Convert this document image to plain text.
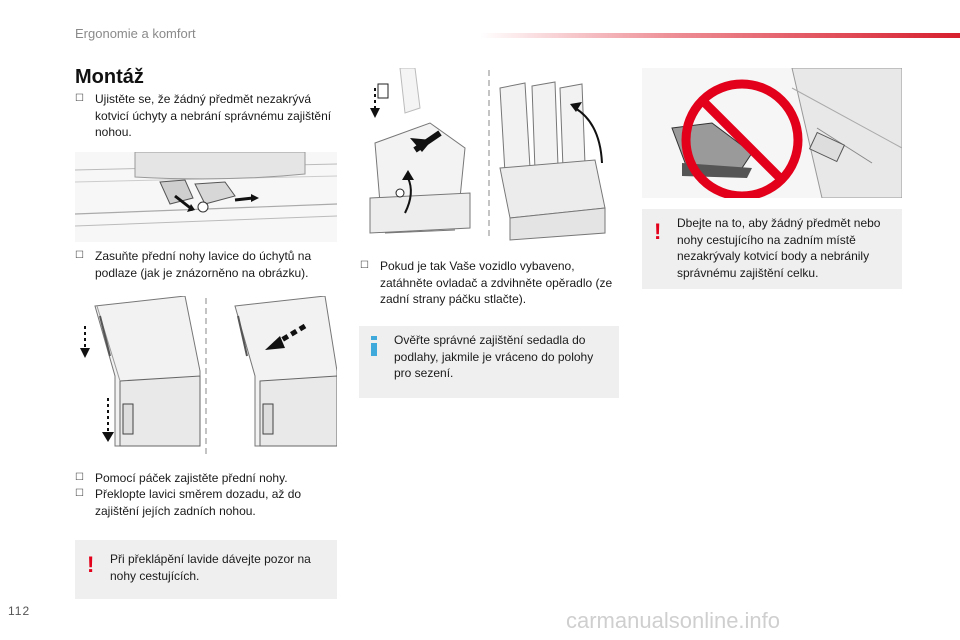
Ergonomie a komfort
Montáž
☐ Ujistěte se, že žádný předmět nezakrývá kotvicí úchyty a nebrání správnému zajištění nohou.
☐ Zasuňte přední nohy lavice do úchytů na podlaze (jak je znázorněno na obrázku).
☐ Pomocí páček zajistěte přední nohy.
☐ Překlopte lavici směrem dozadu, až do zajištění jejích zadních nohou.
! Při překlápění lavide dávejte pozor na nohy cestujících.
☐ Pokud je tak Vaše vozidlo vybaveno, zatáhněte ovladač a zdvihněte opěradlo (ze zadní strany páčku stlačte).
Ověřte správné zajištění sedadla do podlahy, jakmile je vráceno do polohy pro sezení.
! Dbejte na to, aby žádný předmět nebo nohy cestujícího na zadním místě nezakrývaly kotvicí body a nebránily správnému zajištění celku.
112	carmanualsonline.info
